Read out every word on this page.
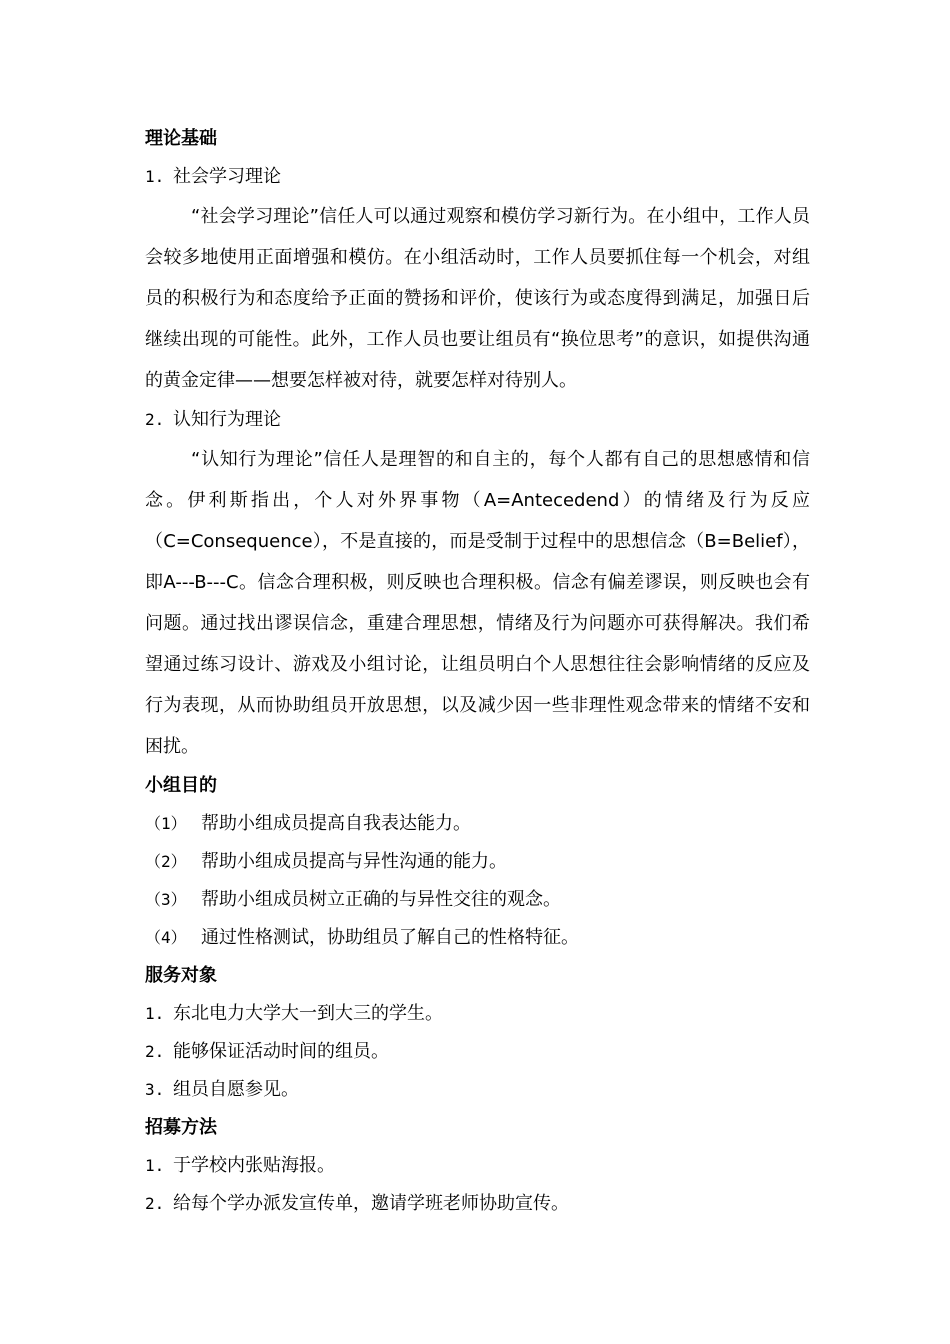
理论基础
1. 社会学习理论
“社会学习理论”信任人可以通过观察和模仿学习新行为。在小组中，工作人员会较多地使用正面增强和模仿。在小组活动时，工作人员要抓住每一个机会，对组员的积极行为和态度给予正面的赞扬和评价，使该行为或态度得到满足，加强日后继续出现的可能性。此外，工作人员也要让组员有“换位思考”的意识，如提供沟通的黄金定律——想要怎样被对待，就要怎样对待别人。
2. 认知行为理论
“认知行为理论”信任人是理智的和自主的，每个人都有自己的思想感情和信念。伊利斯指出，个人对外界事物（A=Antecedend）的情绪及行为反应（C=Consequence），不是直接的，而是受制于过程中的思想信念（B=Belief），即A---B---C。信念合理积极，则反映也合理积极。信念有偏差谬误，则反映也会有问题。通过找出谬误信念，重建合理思想，情绪及行为问题亦可获得解决。我们希望通过练习设计、游戏及小组讨论，让组员明白个人思想往往会影响情绪的反应及行为表现，从而协助组员开放思想，以及减少因一些非理性观念带来的情绪不安和困扰。
小组目的
（1） 帮助小组成员提高自我表达能力。
（2） 帮助小组成员提高与异性沟通的能力。
（3） 帮助小组成员树立正确的与异性交往的观念。
（4） 通过性格测试，协助组员了解自己的性格特征。
服务对象
1. 东北电力大学大一到大三的学生。
2. 能够保证活动时间的组员。
3. 组员自愿参见。
招募方法
1. 于学校内张贴海报。
2. 给每个学办派发宣传单，邀请学班老师协助宣传。
